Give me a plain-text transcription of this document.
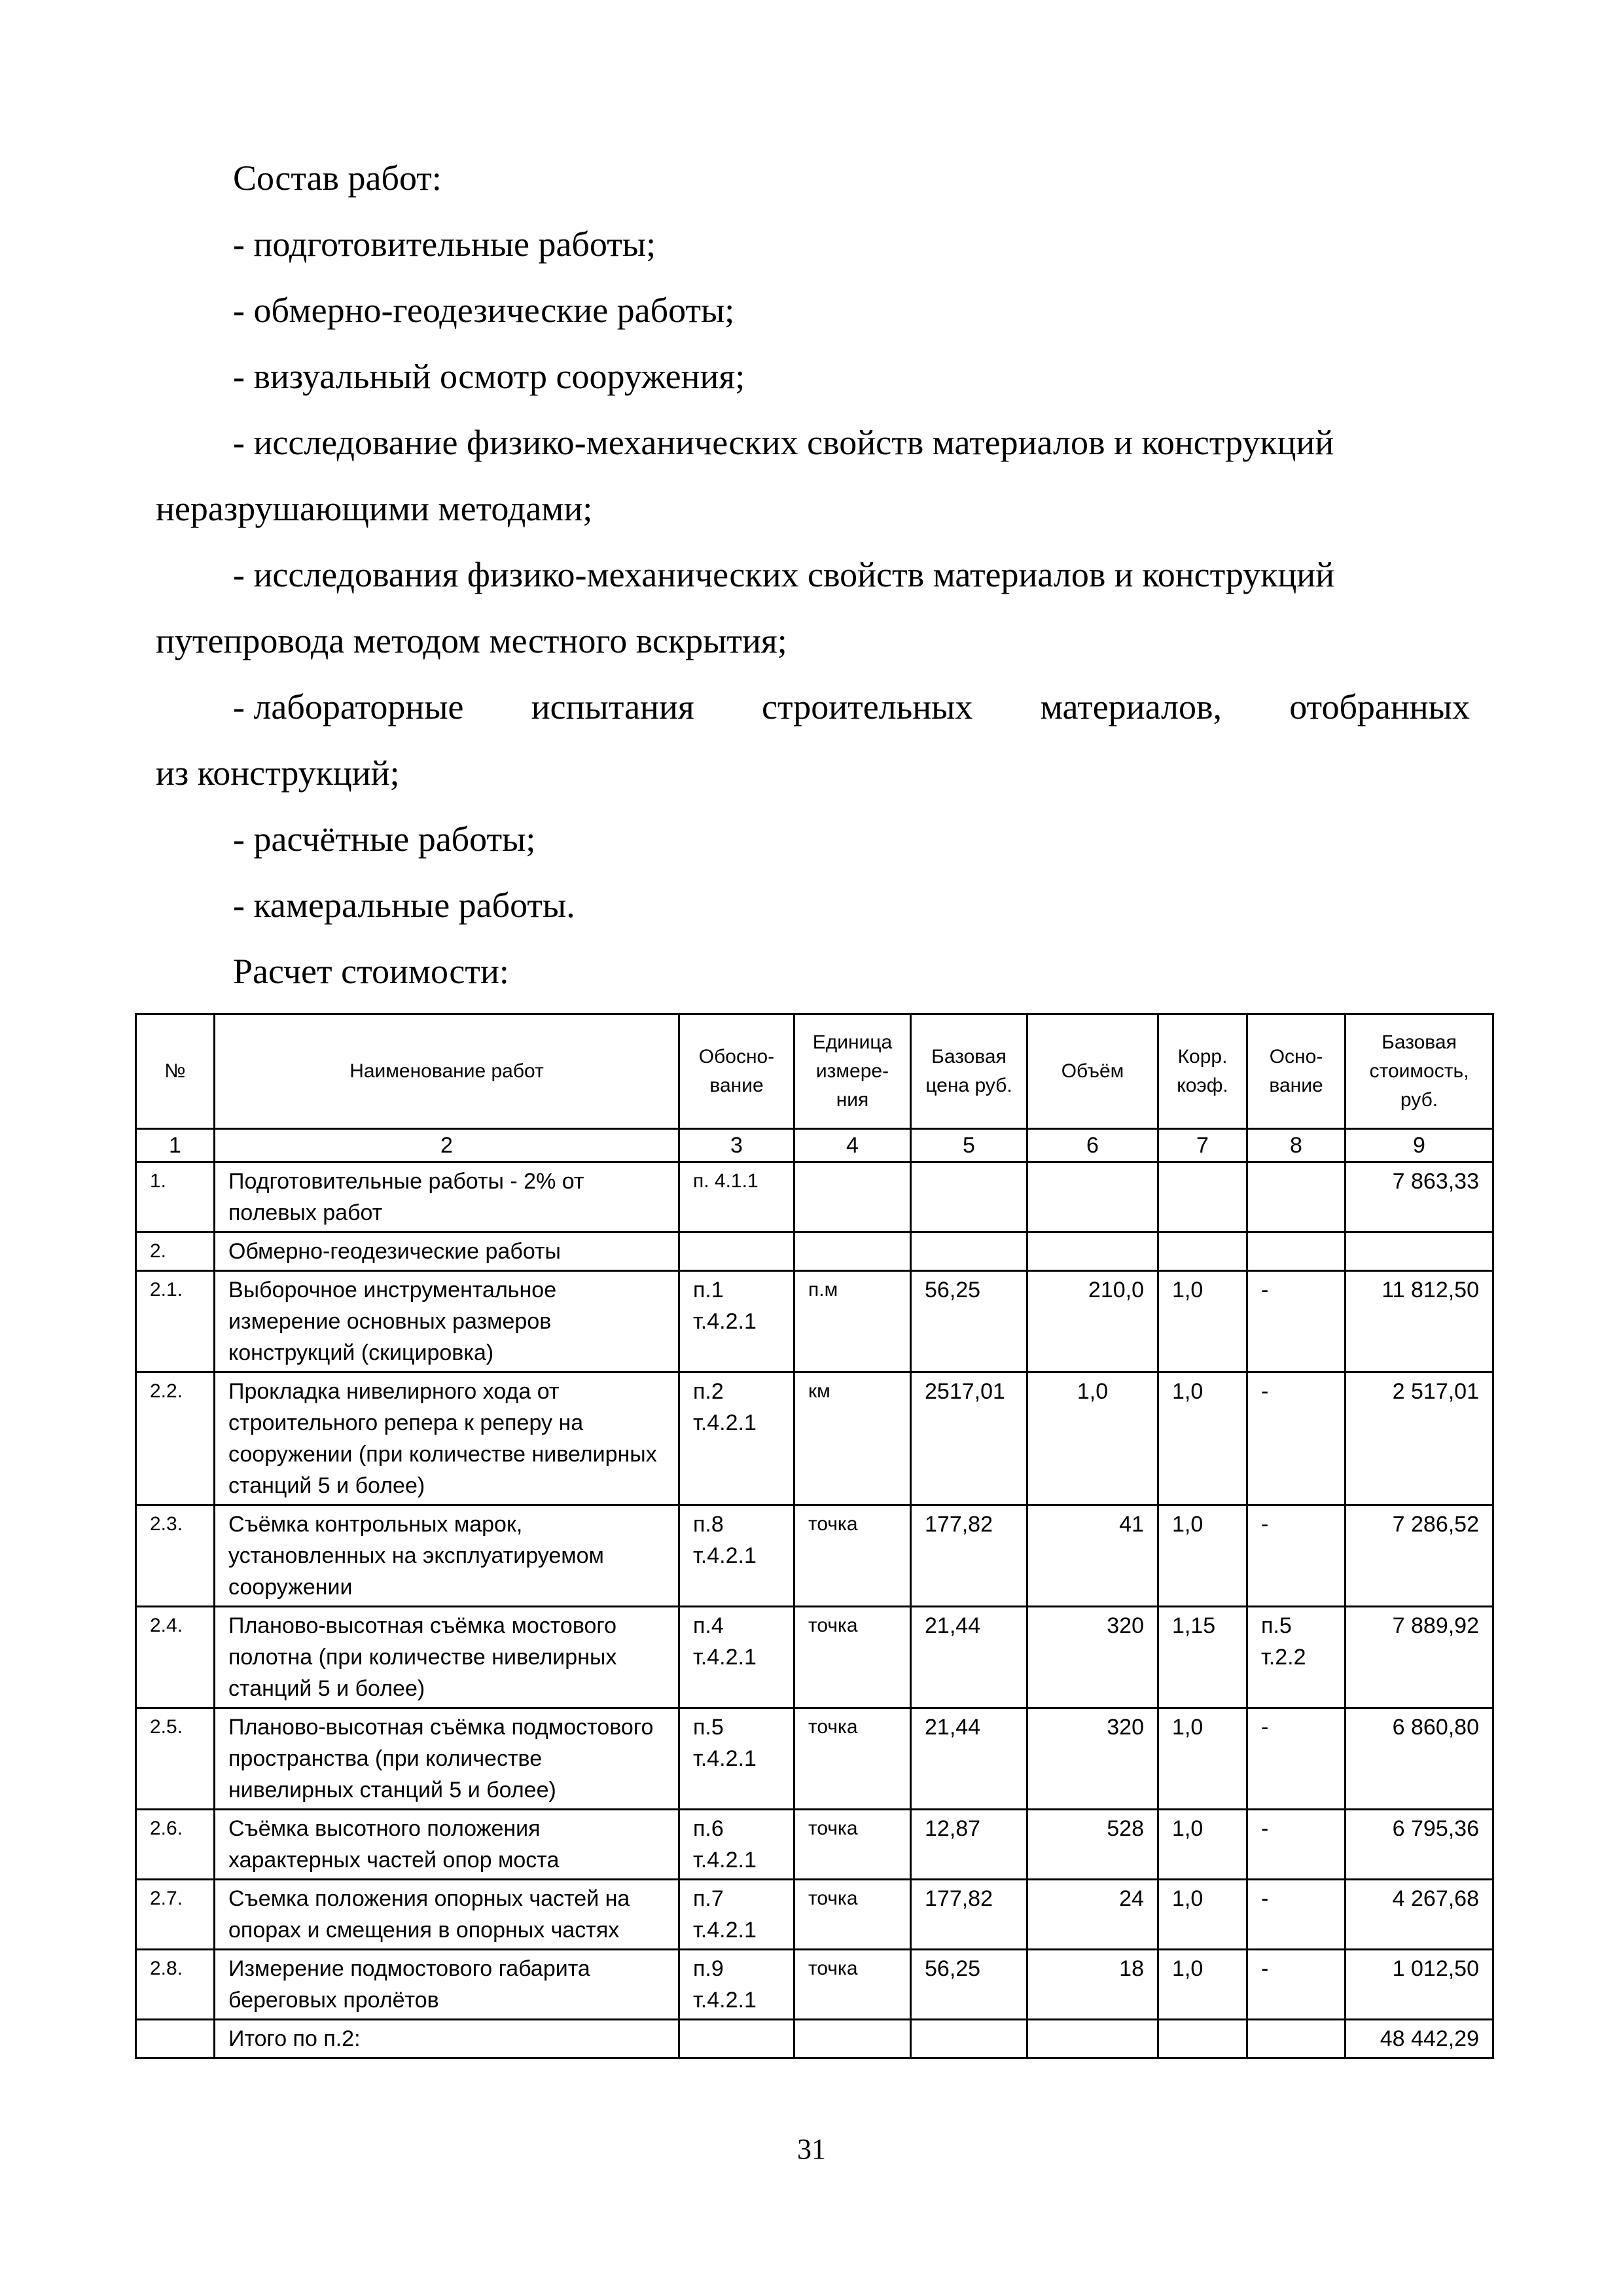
Состав работ:

- подготовительные работы;

- обмерно-геодезические работы;

- визуальный осмотр сооружения;

- исследование физико-механических свойств материалов и конструкций

неразрушающими методами;

- исследования физико-механических свойств материалов и конструкций

путепровода методом местного вскрытия;

- лабораторные испытания строительных материалов, отобранных

из конструкций;

- расчётные работы;

- камеральные работы.

Расчет стоимости:

№	Наименование работ	Обосно-вание	Единица измере-ния	Базовая цена руб.	Объём	Корр. коэф.	Осно-вание	Базовая стоимость, руб.
1	2	3	4	5	6	7	8	9
1.	Подготовительные работы - 2% от полевых работ	п. 4.1.1						7 863,33
2.	Обмерно-геодезические работы							
2.1.	Выборочное инструментальное измерение основных размеров конструкций (скицировка)	п.1 т.4.2.1	п.м	56,25	210,0	1,0	-	11 812,50
2.2.	Прокладка нивелирного хода от строительного репера к реперу на сооружении (при количестве нивелирных станций 5 и более)	п.2 т.4.2.1	км	2517,01	1,0	1,0	-	2 517,01
2.3.	Съёмка контрольных марок, установленных на эксплуатируемом сооружении	п.8 т.4.2.1	точка	177,82	41	1,0	-	7 286,52
2.4.	Планово-высотная съёмка мостового полотна (при количестве нивелирных станций 5 и более)	п.4 т.4.2.1	точка	21,44	320	1,15	п.5 т.2.2	7 889,92
2.5.	Планово-высотная съёмка подмостового пространства (при количестве нивелирных станций 5 и более)	п.5 т.4.2.1	точка	21,44	320	1,0	-	6 860,80
2.6.	Съёмка высотного положения характерных частей опор моста	п.6 т.4.2.1	точка	12,87	528	1,0	-	6 795,36
2.7.	Съемка положения опорных частей на опорах и смещения в опорных частях	п.7 т.4.2.1	точка	177,82	24	1,0	-	4 267,68
2.8.	Измерение подмостового габарита береговых пролётов	п.9 т.4.2.1	точка	56,25	18	1,0	-	1 012,50
	Итого по п.2:							48 442,29
31
